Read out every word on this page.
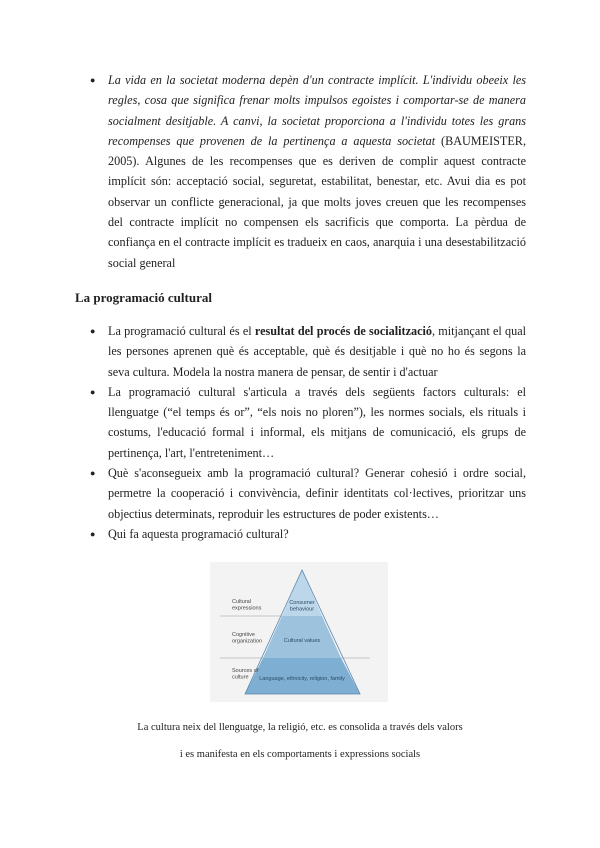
● La vida en la societat moderna depèn d'un contracte implícit. L'individu obeeix les regles, cosa que significa frenar molts impulsos egoistes i comportar-se de manera socialment desitjable. A canvi, la societat proporciona a l'individu totes les grans recompenses que provenen de la pertinença a aquesta societat (BAUMEISTER, 2005). Algunes de les recompenses que es deriven de complir aquest contracte implícit són: acceptació social, seguretat, estabilitat, benestar, etc. Avui dia es pot observar un conflicte generacional, ja que molts joves creuen que les recompenses del contracte implícit no compensen els sacrificis que comporta. La pèrdua de confiança en el contracte implícit es tradueix en caos, anarquia i una desestabilització social general
La programació cultural
● La programació cultural és el resultat del procés de socialització, mitjançant el qual les persones aprenen què és acceptable, què és desitjable i què no ho és segons la seva cultura. Modela la nostra manera de pensar, de sentir i d'actuar
● La programació cultural s'articula a través dels següents factors culturals: el llenguatge (“el temps és or”, “els nois no ploren”), les normes socials, els rituals i costums, l'educació formal i informal, els mitjans de comunicació, els grups de pertinença, l'art, l'entreteniment…
● Què s'aconsegueix amb la programació cultural? Generar cohesió i ordre social, permetre la cooperació i convivència, definir identitats col·lectives, prioritzar uns objectius determinats, reproduir les estructures de poder existents…
● Qui fa aquesta programació cultural?
Cultural expressions
Cognitive organization
Sources of culture
Consumer behaviour
Cultural values
Language, ethnicity, religion, family
La cultura neix del llenguatge, la religió, etc. es consolida a través dels valors
i es manifesta en els comportaments i expressions socials
